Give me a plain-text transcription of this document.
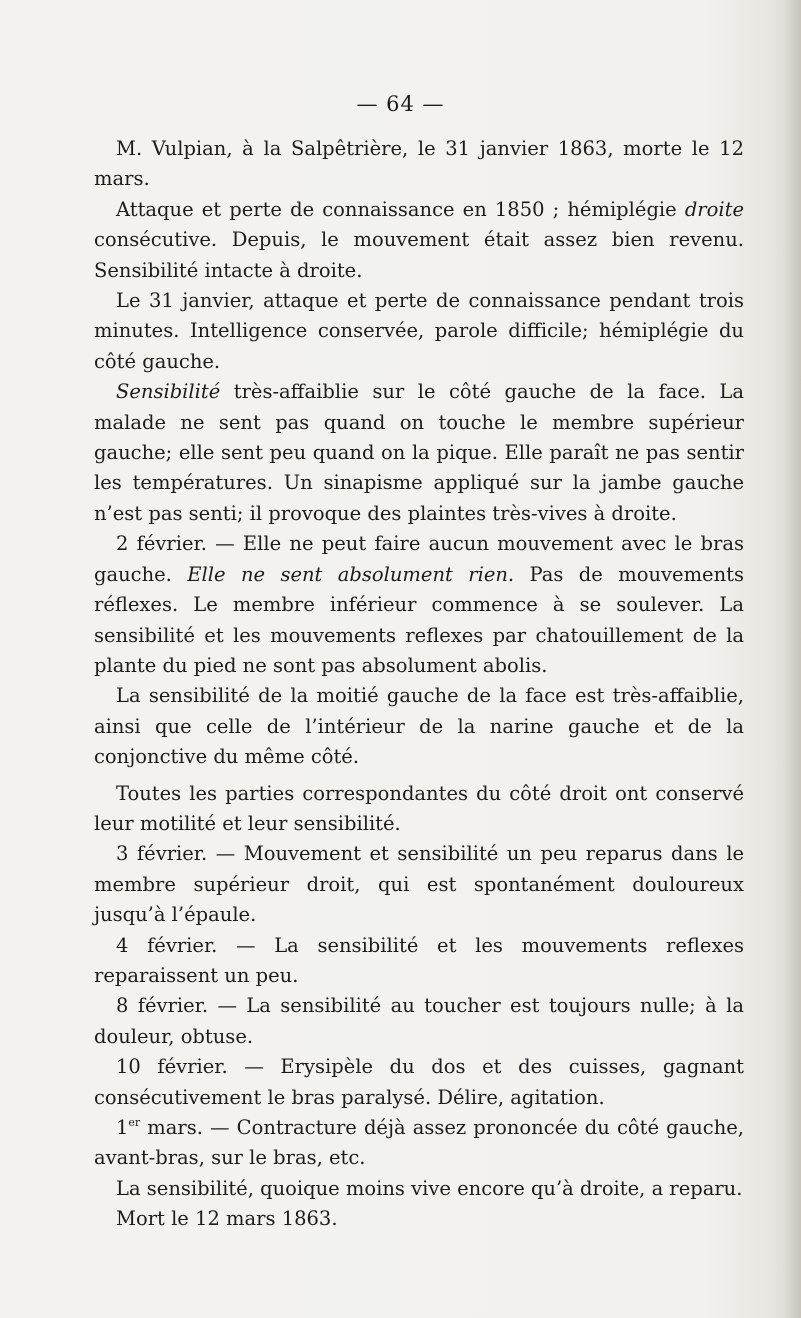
— 64 —

M. Vulpian, à la Salpêtrière, le 31 janvier 1863, morte le 12 mars.

Attaque et perte de connaissance en 1850 ; hémiplégie droite consécutive. Depuis, le mouvement était assez bien revenu. Sensibilité intacte à droite.

Le 31 janvier, attaque et perte de connaissance pendant trois minutes. Intelligence conservée, parole difficile; hémiplégie du côté gauche.

Sensibilité très-affaiblie sur le côté gauche de la face. La malade ne sent pas quand on touche le membre supérieur gauche; elle sent peu quand on la pique. Elle paraît ne pas sentir les températures. Un sinapisme appliqué sur la jambe gauche n’est pas senti; il provoque des plaintes très-vives à droite.

2 février. — Elle ne peut faire aucun mouvement avec le bras gauche. Elle ne sent absolument rien. Pas de mouvements réflexes. Le membre inférieur commence à se soulever. La sensibilité et les mouvements reflexes par chatouillement de la plante du pied ne sont pas absolument abolis.

La sensibilité de la moitié gauche de la face est très-affaiblie, ainsi que celle de l’intérieur de la narine gauche et de la conjonctive du même côté.

Toutes les parties correspondantes du côté droit ont conservé leur motilité et leur sensibilité.

3 février. — Mouvement et sensibilité un peu reparus dans le membre supérieur droit, qui est spontanément douloureux jusqu’à l’épaule.

4 février. — La sensibilité et les mouvements reflexes reparaissent un peu.

8 février. — La sensibilité au toucher est toujours nulle; à la douleur, obtuse.

10 février. — Erysipèle du dos et des cuisses, gagnant consécutivement le bras paralysé. Délire, agitation.

1er mars. — Contracture déjà assez prononcée du côté gauche, avant-bras, sur le bras, etc.

La sensibilité, quoique moins vive encore qu’à droite, a reparu.

Mort le 12 mars 1863.
